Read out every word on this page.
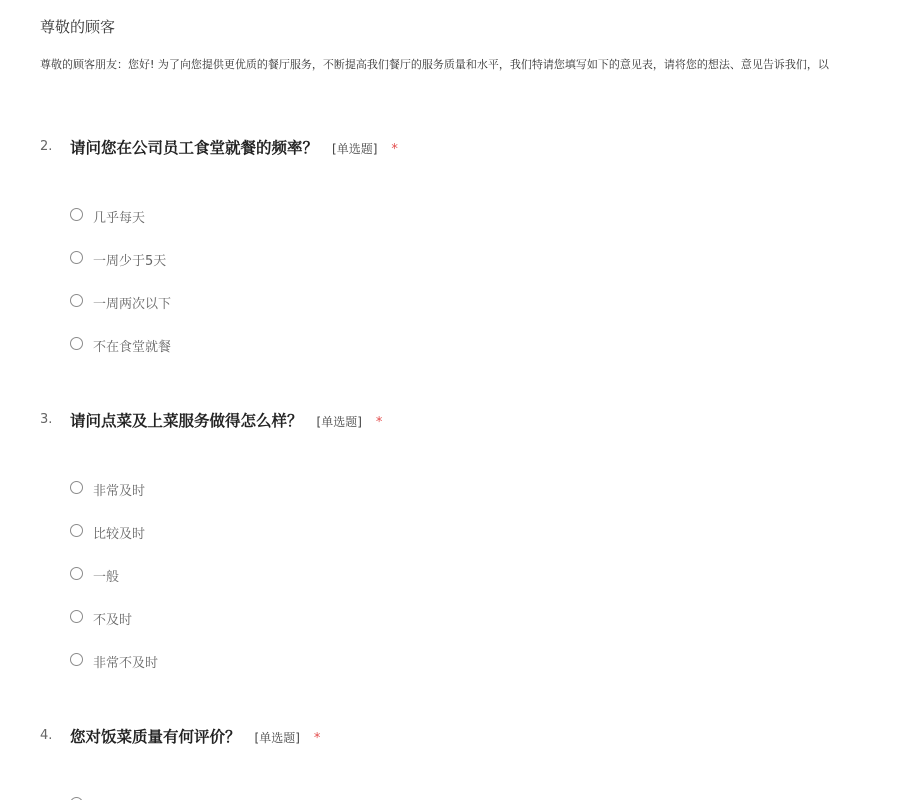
尊敬的顾客
尊敬的顾客朋友：您好! 为了向您提供更优质的餐厅服务，不断提高我们餐厅的服务质量和水平，我们特请您填写如下的意见表，请将您的想法、意见告诉我们，以
2. 请问您在公司员工食堂就餐的频率？ [单选题] *
几乎每天
一周少于5天
一周两次以下
不在食堂就餐
3. 请问点菜及上菜服务做得怎么样？ [单选题] *
非常及时
比较及时
一般
不及时
非常不及时
4. 您对饭菜质量有何评价？ [单选题] *
